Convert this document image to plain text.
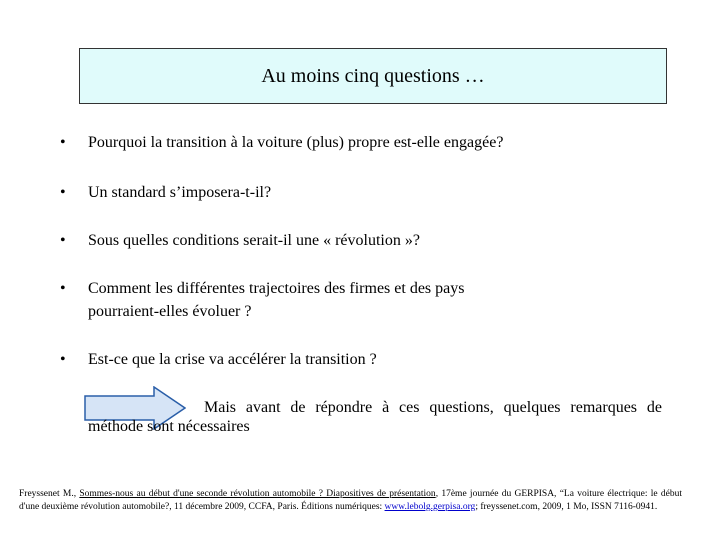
Au moins cinq questions …
• Pourquoi la transition à la voiture (plus) propre est-elle engagée?
• Un standard s’imposera-t-il?
• Sous quelles conditions serait-il une « révolution »?
• Comment les différentes trajectoires des firmes et des pays pourraient-elles évoluer ?
• Est-ce que la crise va accélérer la transition ?
Mais avant de répondre à ces questions, quelques remarques de méthode sont nécessaires
Freyssenet M., Sommes-nous au début d'une seconde révolution automobile ? Diapositives de présentation, 17ème journée du GERPISA, “La voiture électrique: le début d'une deuxième révolution automobile?, 11 décembre 2009, CCFA, Paris. Éditions numériques: www.lebolg.gerpisa.org; freyssenet.com, 2009, 1 Mo, ISSN 7116-0941.
